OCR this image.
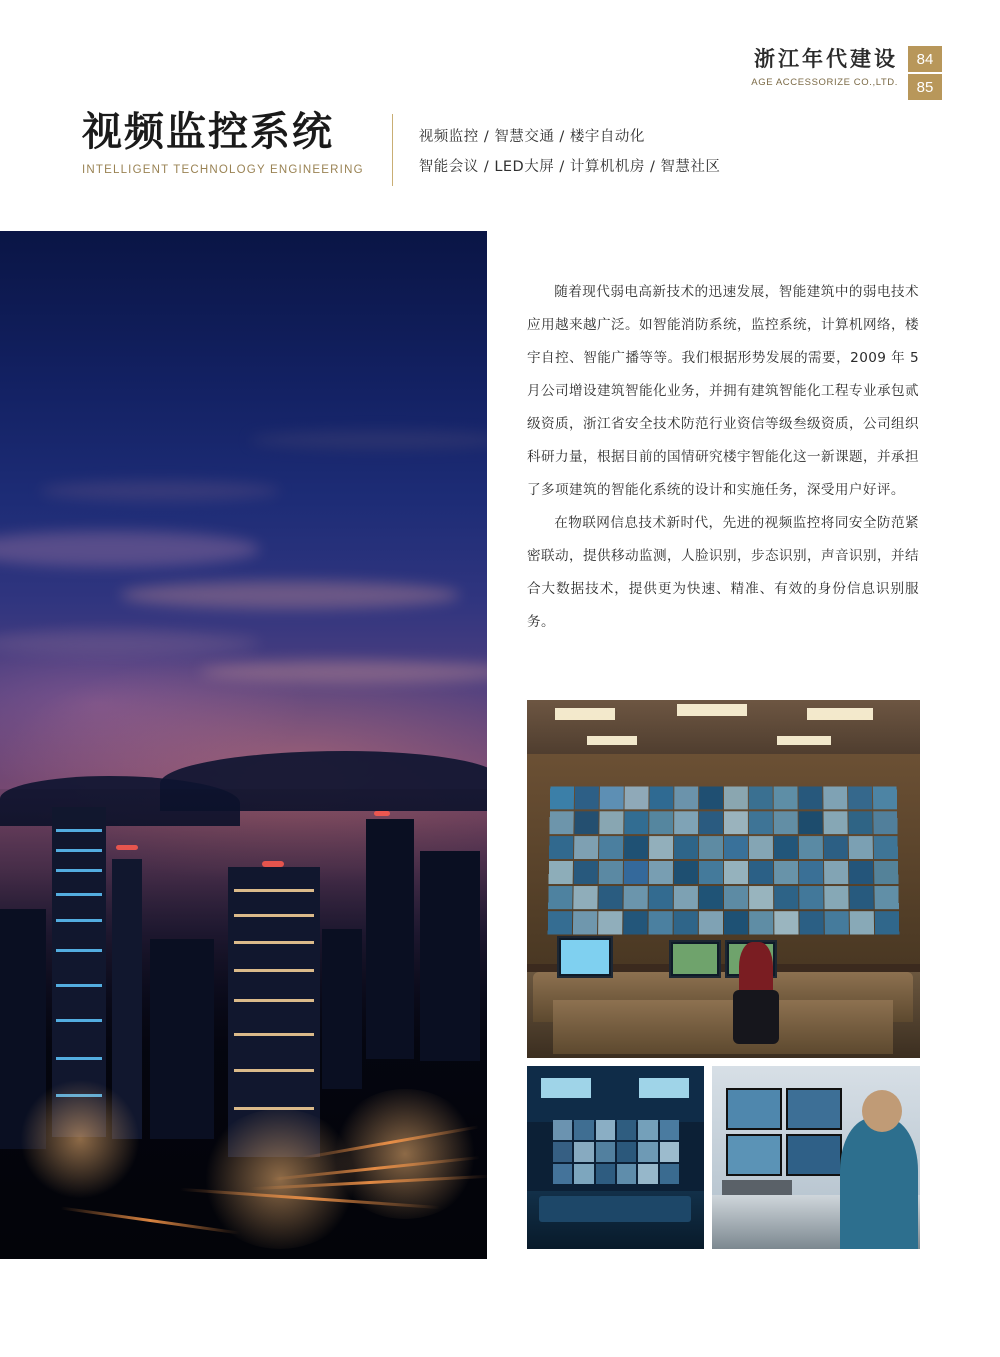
浙江年代建设	84
AGE ACCESSORIZE CO.,LTD.	85
视频监控系统
INTELLIGENT TECHNOLOGY ENGINEERING
视频监控 / 智慧交通 / 楼宇自动化
智能会议 / LED大屏 / 计算机机房 / 智慧社区

随着现代弱电高新技术的迅速发展，智能建筑中的弱电技术应用越来越广泛。如智能消防系统，监控系统，计算机网络，楼宇自控、智能广播等等。我们根据形势发展的需要，2009 年 5 月公司增设建筑智能化业务，并拥有建筑智能化工程专业承包贰级资质，浙江省安全技术防范行业资信等级叁级资质，公司组织科研力量，根据目前的国情研究楼宇智能化这一新课题，并承担了多项建筑的智能化系统的设计和实施任务，深受用户好评。

在物联网信息技术新时代，先进的视频监控将同安全防范紧密联动，提供移动监测，人脸识别，步态识别，声音识别，并结合大数据技术，提供更为快速、精准、有效的身份信息识别服务。
